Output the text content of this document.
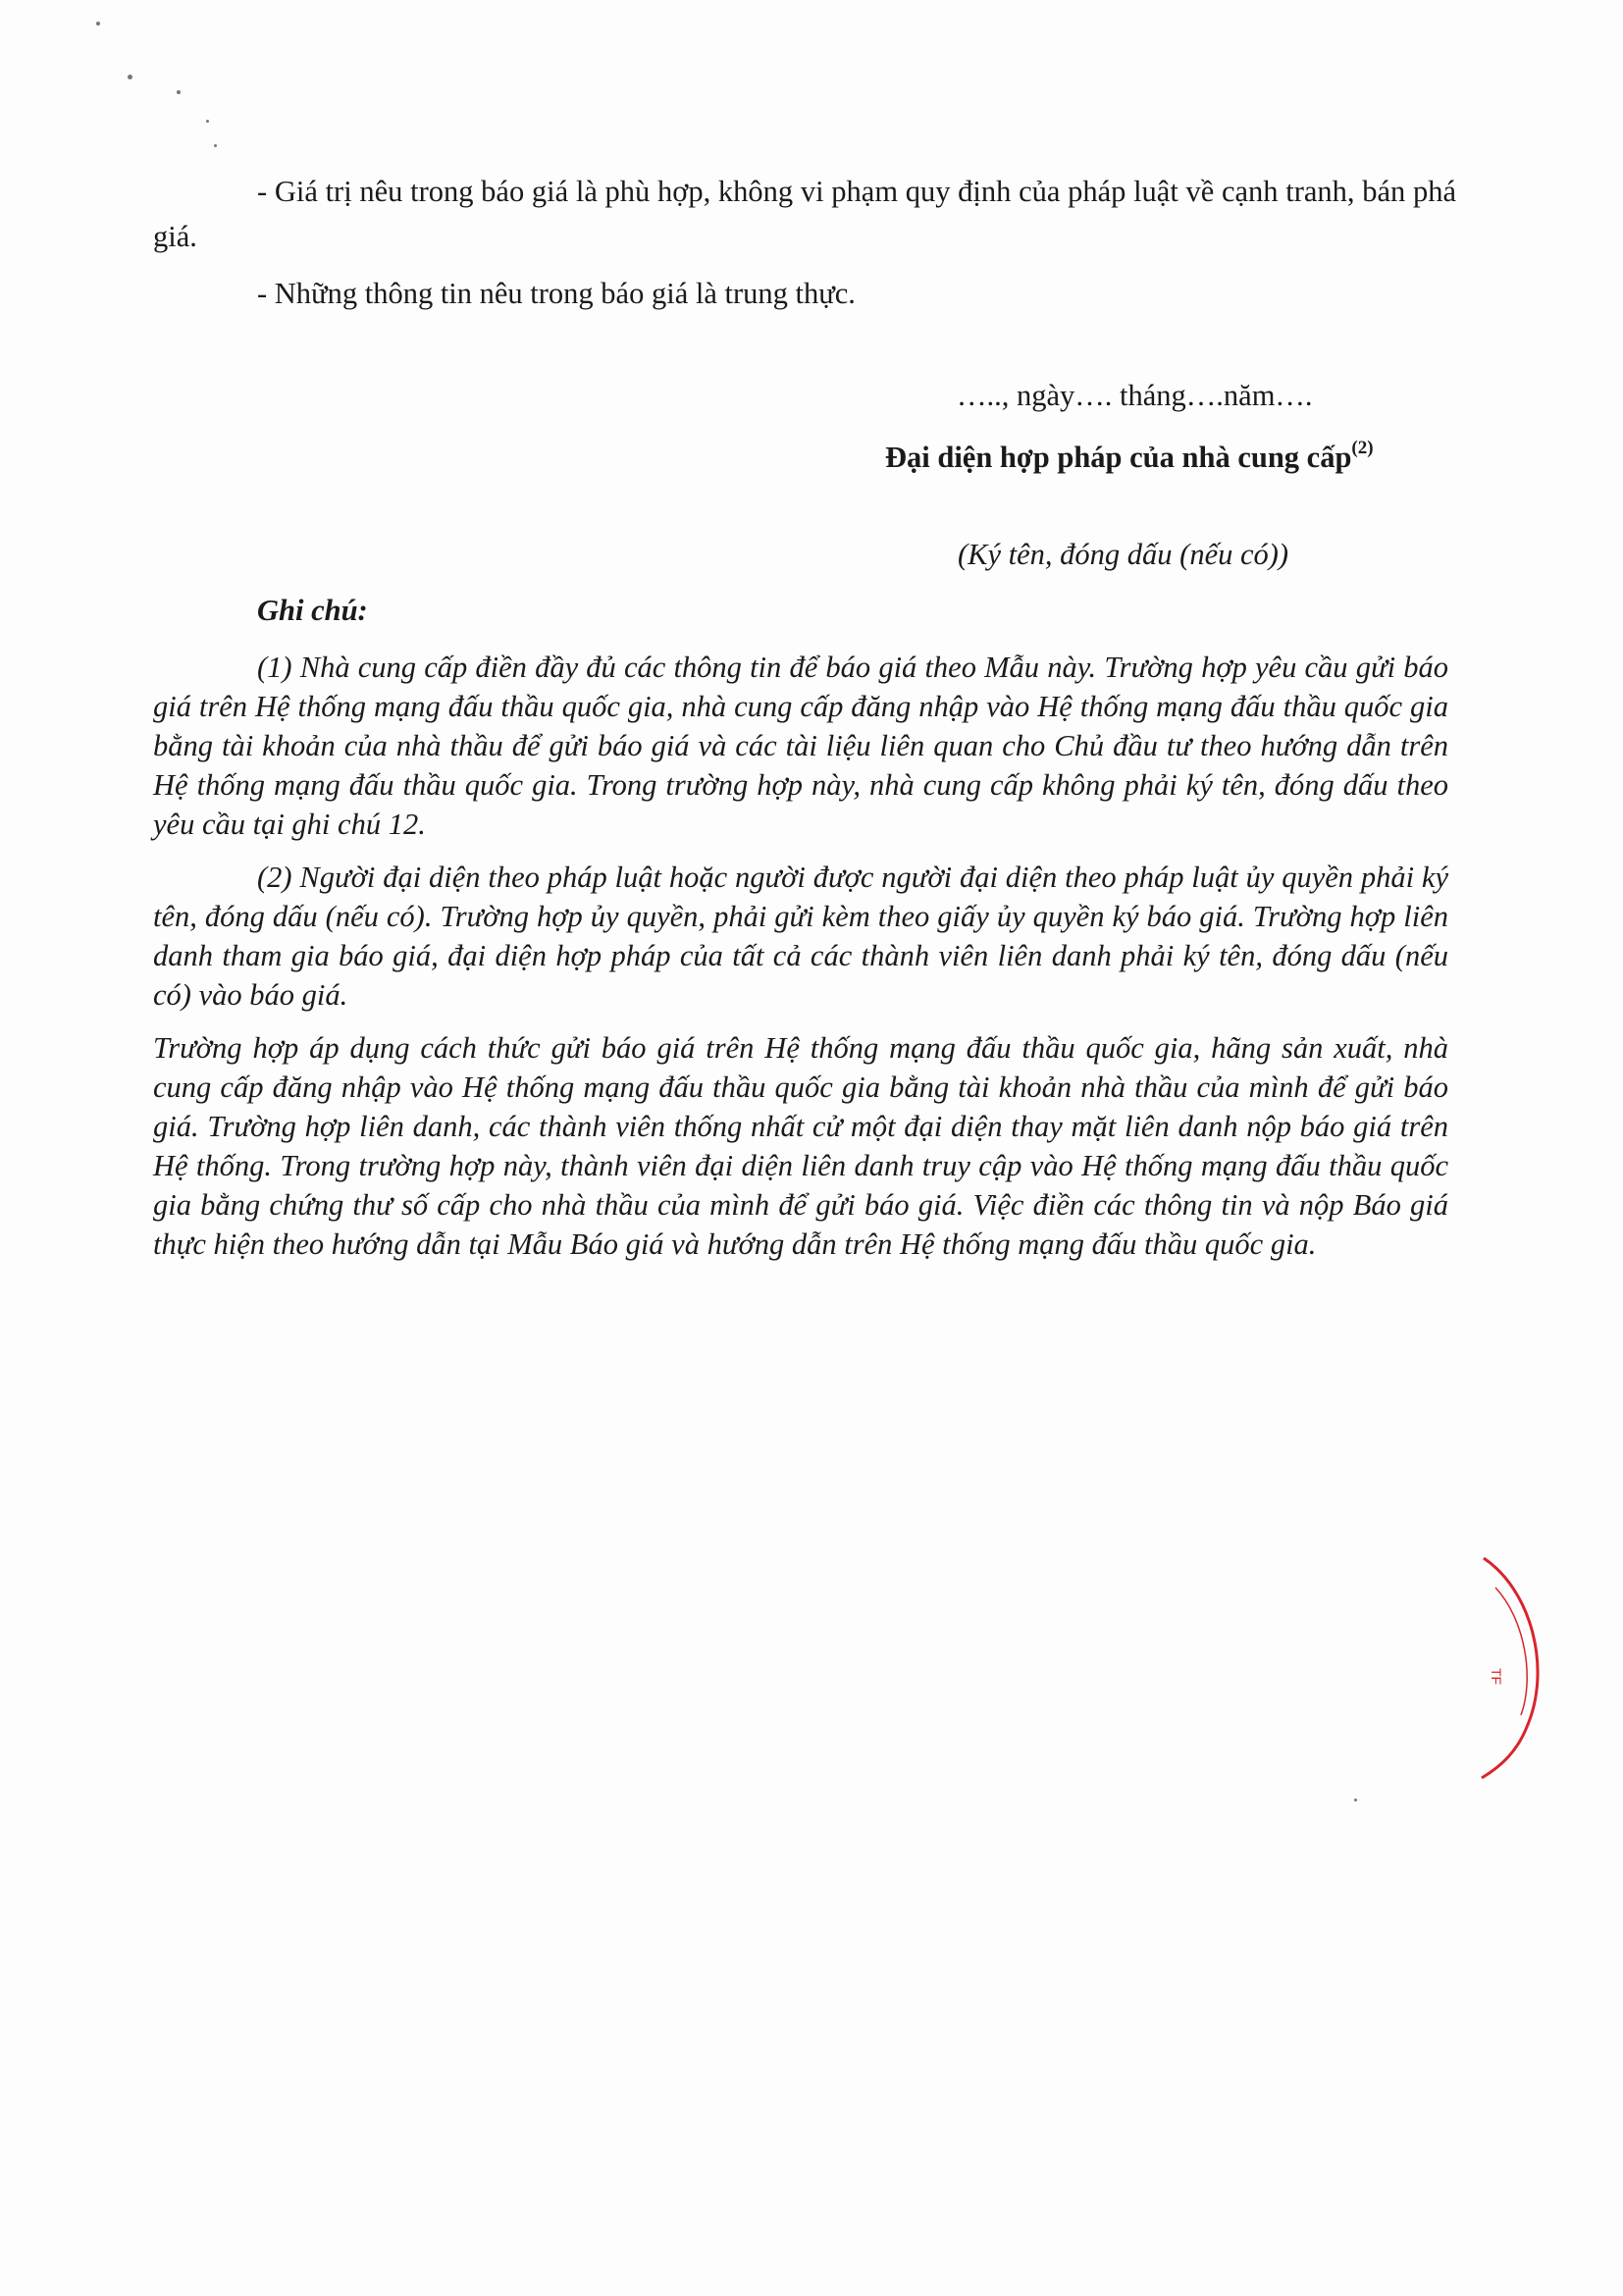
- Giá trị nêu trong báo giá là phù hợp, không vi phạm quy định của pháp luật về cạnh tranh, bán phá giá.

- Những thông tin nêu trong báo giá là trung thực.

….., ngày…. tháng….năm….
Đại diện hợp pháp của nhà cung cấp$^{(2)}$
(Ký tên, đóng dấu (nếu có))
Ghi chú:

(1) Nhà cung cấp điền đầy đủ các thông tin để báo giá theo Mẫu này. Trường hợp yêu cầu gửi báo giá trên Hệ thống mạng đấu thầu quốc gia, nhà cung cấp đăng nhập vào Hệ thống mạng đấu thầu quốc gia bằng tài khoản của nhà thầu để gửi báo giá và các tài liệu liên quan cho Chủ đầu tư theo hướng dẫn trên Hệ thống mạng đấu thầu quốc gia. Trong trường hợp này, nhà cung cấp không phải ký tên, đóng dấu theo yêu cầu tại ghi chú 12.

(2) Người đại diện theo pháp luật hoặc người được người đại diện theo pháp luật ủy quyền phải ký tên, đóng dấu (nếu có). Trường hợp ủy quyền, phải gửi kèm theo giấy ủy quyền ký báo giá. Trường hợp liên danh tham gia báo giá, đại diện hợp pháp của tất cả các thành viên liên danh phải ký tên, đóng dấu (nếu có) vào báo giá.

Trường hợp áp dụng cách thức gửi báo giá trên Hệ thống mạng đấu thầu quốc gia, hãng sản xuất, nhà cung cấp đăng nhập vào Hệ thống mạng đấu thầu quốc gia bằng tài khoản nhà thầu của mình để gửi báo giá. Trường hợp liên danh, các thành viên thống nhất cử một đại diện thay mặt liên danh nộp báo giá trên Hệ thống. Trong trường hợp này, thành viên đại diện liên danh truy cập vào Hệ thống mạng đấu thầu quốc gia bằng chứng thư số cấp cho nhà thầu của mình để gửi báo giá. Việc điền các thông tin và nộp Báo giá thực hiện theo hướng dẫn tại Mẫu Báo giá và hướng dẫn trên Hệ thống mạng đấu thầu quốc gia.

TF
